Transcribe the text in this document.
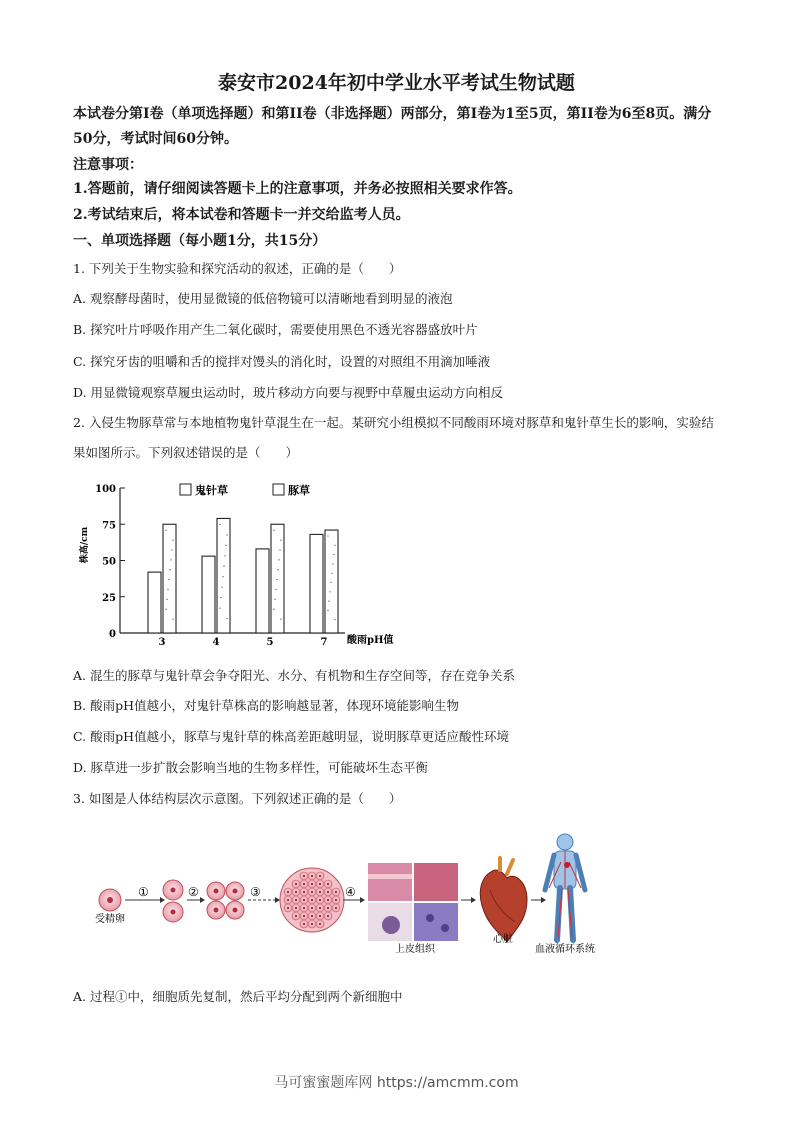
泰安市2024年初中学业水平考试生物试题
本试卷分第I卷（单项选择题）和第II卷（非选择题）两部分，第I卷为1至5页，第II卷为6至8页。满分50分，考试时间60分钟。
注意事项：
1.答题前，请仔细阅读答题卡上的注意事项，并务必按照相关要求作答。
2.考试结束后，将本试卷和答题卡一并交给监考人员。
一、单项选择题（每小题1分，共15分）
1. 下列关于生物实验和探究活动的叙述，正确的是（　　）
A. 观察酵母菌时，使用显微镜的低倍物镜可以清晰地看到明显的液泡
B. 探究叶片呼吸作用产生二氧化碳时，需要使用黑色不透光容器盛放叶片
C. 探究牙齿的咀嚼和舌的搅拌对馒头的消化时，设置的对照组不用滴加唾液
D. 用显微镜观察草履虫运动时，玻片移动方向要与视野中草履虫运动方向相反
2. 入侵生物豚草常与本地植物鬼针草混生在一起。某研究小组模拟不同酸雨环境对豚草和鬼针草生长的影响，实验结果如图所示。下列叙述错误的是（　　）
100
75
50
25
0
株高/cm
酸雨pH值
3	4	5	7
鬼针草	豚草
A. 混生的豚草与鬼针草会争夺阳光、水分、有机物和生存空间等，存在竞争关系
B. 酸雨pH值越小，对鬼针草株高的影响越显著，体现环境能影响生物
C. 酸雨pH值越小，豚草与鬼针草的株高差距越明显，说明豚草更适应酸性环境
D. 豚草进一步扩散会影响当地的生物多样性，可能破坏生态平衡
3. 如图是人体结构层次示意图。下列叙述正确的是（　　）
①	②	③	④
上皮组织
心脏
血液循环系统
受精卵
A. 过程①中，细胞质先复制，然后平均分配到两个新细胞中
马可蜜蜜题库网 https://amcmm.com
